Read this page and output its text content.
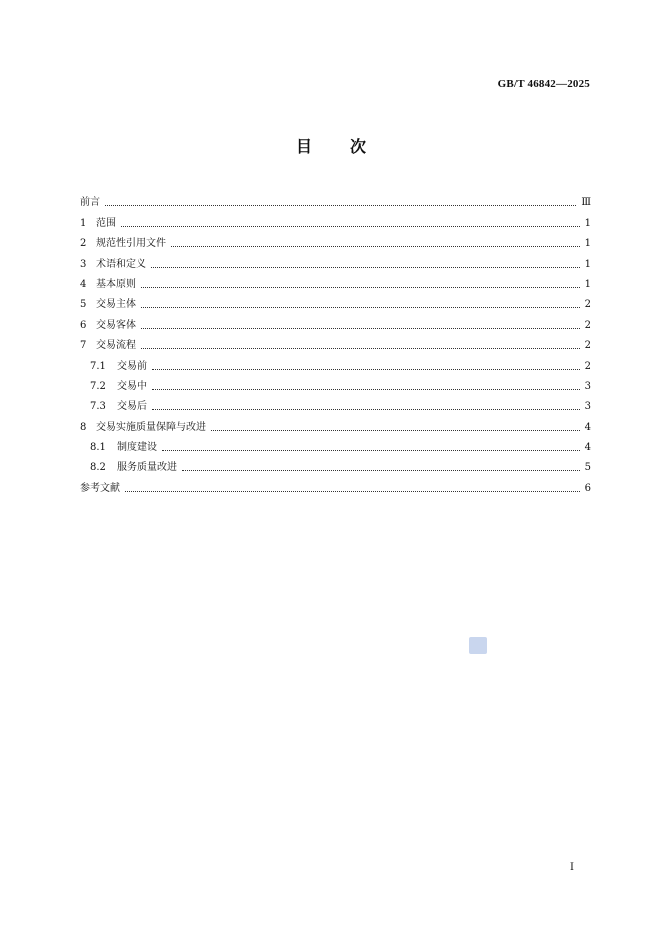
GB/T 46842—2025
目 次
前言	Ⅲ
1 范围	1
2 规范性引用文件	1
3 术语和定义	1
4 基本原则	1
5 交易主体	2
6 交易客体	2
7 交易流程	2
7.1	交易前	2
7.2	交易中	3
7.3	交易后	3
8 交易实施质量保障与改进	4
8.1	制度建设	4
8.2	服务质量改进	5
参考文献	6
I
